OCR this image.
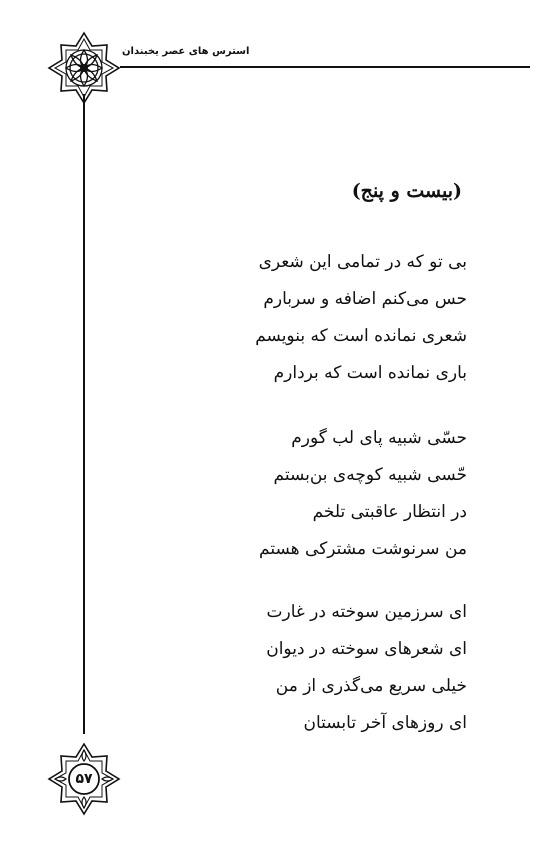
استرس های عصر یخبندان
(بیست و پنج)
بی تو که در تمامی این شعری
حس می‌کنم اضافه و سربارم
شعری نمانده است که بنویسم
باری نمانده است که بردارم
حسّی شبیه پای لب گورم
حّسی شبیه کوچه‌ی بن‌بستم
در انتظار عاقبتی تلخم
من سرنوشت مشترکی هستم
ای سرزمین سوخته در غارت
ای شعرهای سوخته در دیوان
خیلی سریع می‌گذری از من
ای روزهای آخر تابستان
۵۷
